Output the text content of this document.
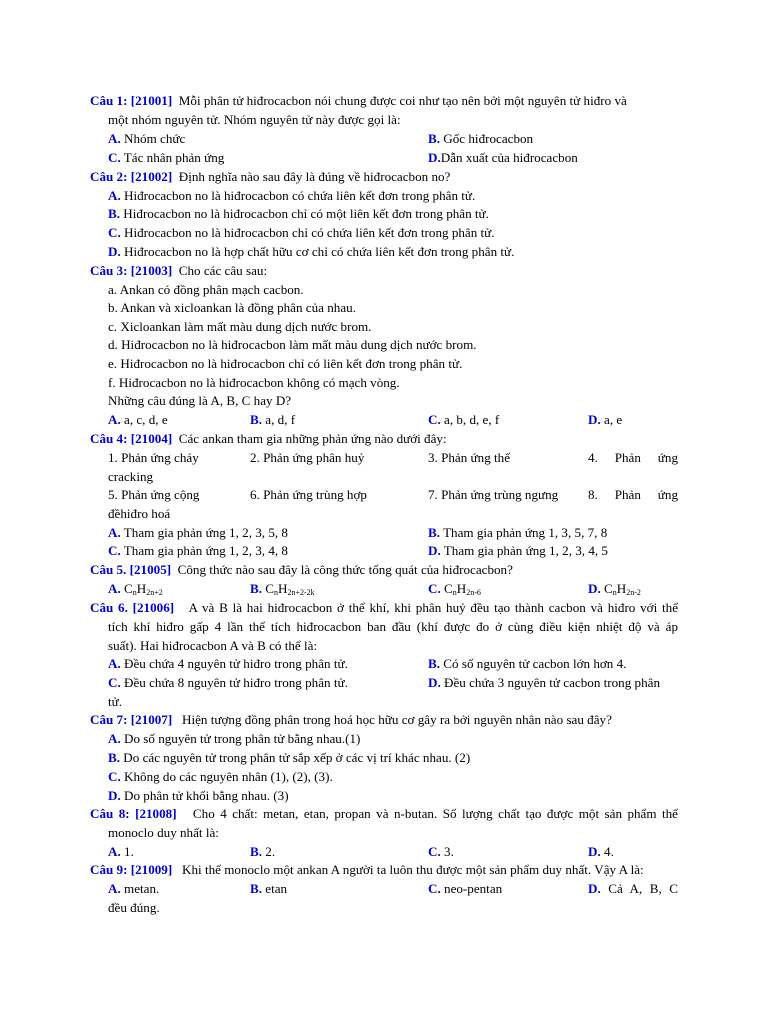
Câu 1: [21001] Mỗi phân tử hiđrocacbon nói chung được coi như tạo nên bởi một nguyên tử hiđro và
một nhóm nguyên tử. Nhóm nguyên tử này được gọi là:
A. Nhóm chức	B. Gốc hiđrocacbon
C. Tác nhân phản ứng	D.Dẫn xuất của hiđrocacbon
Câu 2: [21002] Định nghĩa nào sau đây là đúng về hiđrocacbon no?
A. Hiđrocacbon no là hiđrocacbon có chứa liên kết đơn trong phân tử.
B. Hiđrocacbon no là hiđrocacbon chỉ có một liên kết đơn trong phân tử.
C. Hiđrocacbon no là hiđrocacbon chỉ có chứa liên kết đơn trong phân tử.
D. Hiđrocacbon no là hợp chất hữu cơ chỉ có chứa liên kết đơn trong phân tử.
Câu 3: [21003] Cho các câu sau:
a. Ankan có đồng phân mạch cacbon.
b. Ankan và xicloankan là đồng phân của nhau.
c. Xicloankan làm mất màu dung dịch nước brom.
d. Hiđrocacbon no là hiđrocacbon làm mất màu dung dịch nước brom.
e. Hiđrocacbon no là hiđrocacbon chỉ có liên kết đơn trong phân tử.
f. Hiđrocacbon no là hiđrocacbon không có mạch vòng.
Những câu đúng là A, B, C hay D?
A. a, c, d, e	B. a, d, f	C. a, b, d, e, f	D. a, e
Câu 4: [21004] Các ankan tham gia những phản ứng nào dưới đây:
1. Phản ứng cháy	2. Phản ứng phân huỷ	3. Phản ứng thế	4. Phản ứng
cracking
5. Phản ứng cộng	6. Phản ứng trùng hợp	7. Phản ứng trùng ngưng 8. Phản ứng
đềhiđro hoá
A. Tham gia phản ứng 1, 2, 3, 5, 8	B. Tham gia phản ứng 1, 3, 5, 7, 8
C. Tham gia phản ứng 1, 2, 3, 4, 8	D. Tham gia phản ứng 1, 2, 3, 4, 5
Câu 5. [21005] Công thức nào sau đây là công thức tổng quát của hiđrocacbon?
A. $C_nH_{2n+2}$	B. $C_nH_{2n+2-2k}$	C. $C_nH_{2n-6}$	D. $C_nH_{2n-2}$
Câu 6. [21006] A và B là hai hiđrocacbon ở thể khí, khi phân huỷ đều tạo thành cacbon và hiđro với thể
tích khí hiđro gấp 4 lần thể tích hiđrocacbon ban đầu (khí được đo ở cùng điều kiện nhiệt độ và áp
suất). Hai hiđrocacbon A và B có thể là:
A. Đều chứa 4 nguyên tử hiđro trong phân tử.	B. Có số nguyên tử cacbon lớn hơn 4.
C. Đều chứa 8 nguyên tử hiđro trong phân tử.	D. Đều chứa 3 nguyên tử cacbon trong phân
tử.
Câu 7: [21007] Hiện tượng đồng phân trong hoá học hữu cơ gây ra bởi nguyên nhân nào sau đây?
A. Do số nguyên tử trong phân tử bằng nhau.(1)
B. Do các nguyên tử trong phân tử sắp xếp ở các vị trí khác nhau. (2)
C. Không do các nguyên nhân (1), (2), (3).
D. Do phân tử khối bằng nhau. (3)
Câu 8: [21008] Cho 4 chất: metan, etan, propan và n-butan. Số lượng chất tạo được một sản phẩm thế
monoclo duy nhất là:
A. 1.	B. 2.	C. 3.	D. 4.
Câu 9: [21009] Khi thế monoclo một ankan A người ta luôn thu được một sản phẩm duy nhất. Vậy A là:
A. metan.	B. etan	C. neo-pentan	D. Cả A, B, C
đều đúng.
